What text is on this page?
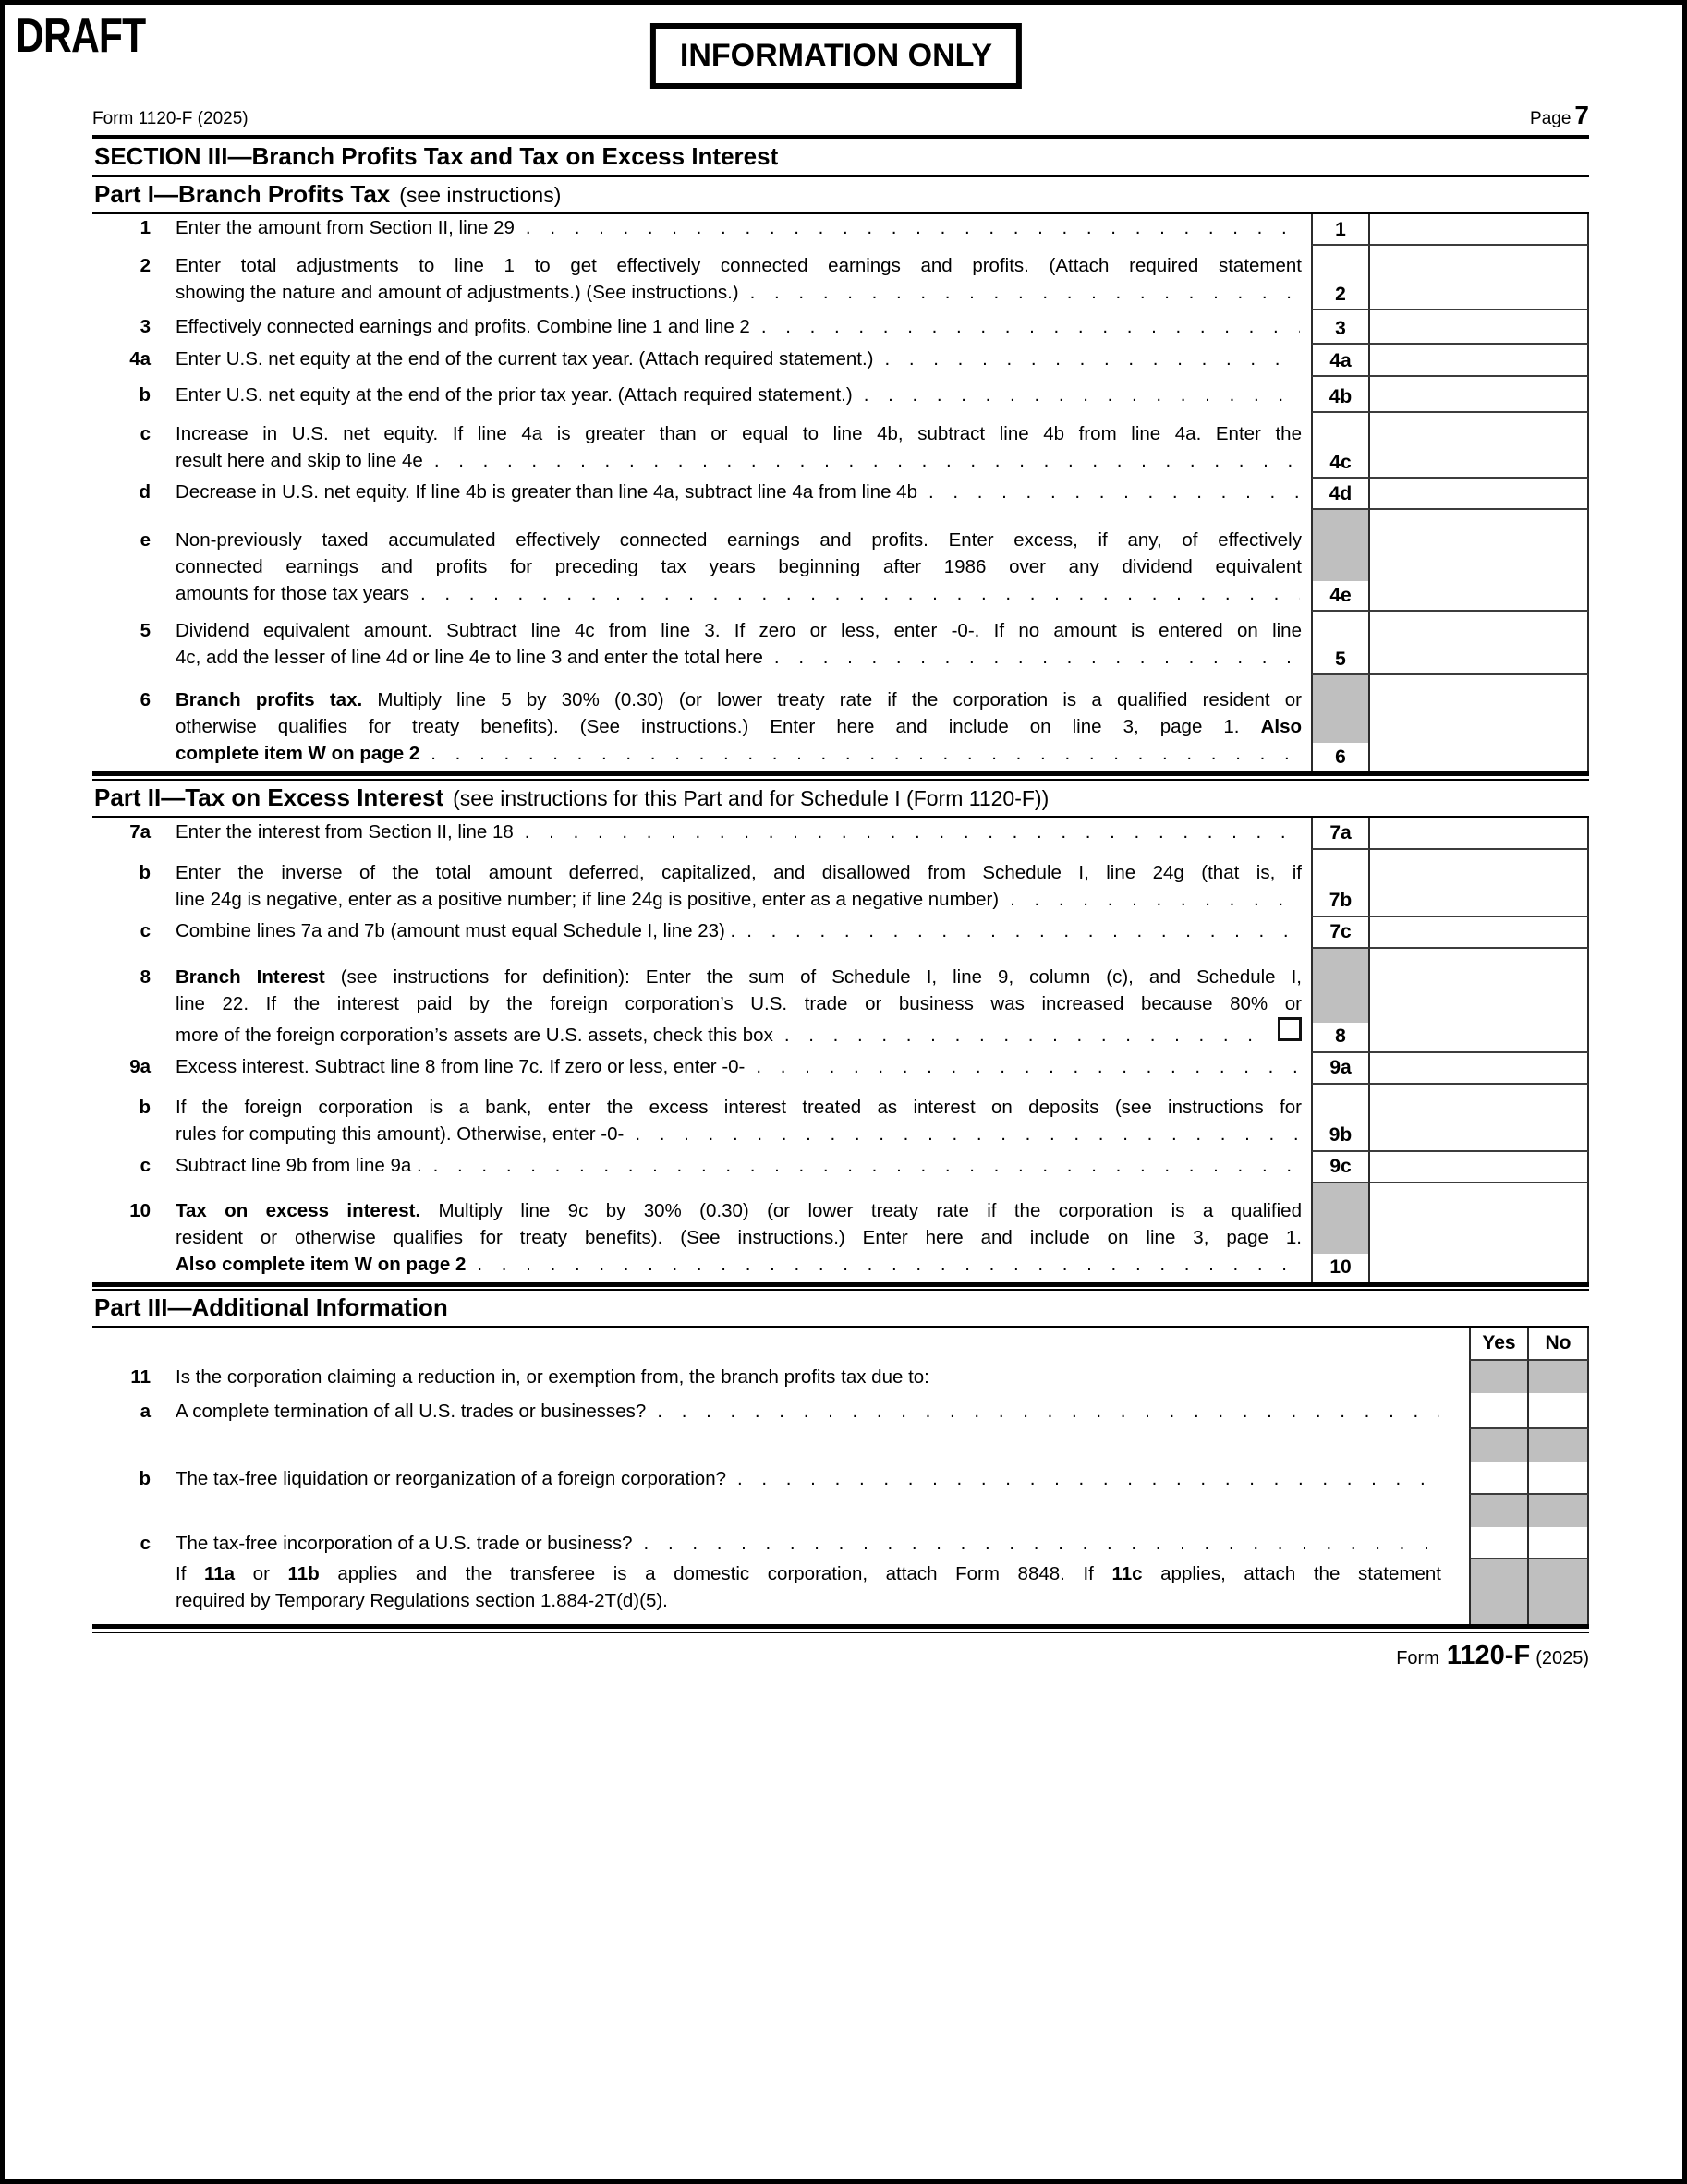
DRAFT	INFORMATION ONLY
Form 1120-F (2025)	Page 7
SECTION III—Branch Profits Tax and Tax on Excess Interest
Part I—Branch Profits Tax (see instructions)
1 Enter the amount from Section II, line 29 . . .	1
2 Enter total adjustments to line 1 to get effectively connected earnings and profits. (Attach required statement
showing the nature and amount of adjustments.) (See instructions.) . . .	2
3 Effectively connected earnings and profits. Combine line 1 and line 2 . . .	3
4a Enter U.S. net equity at the end of the current tax year. (Attach required statement.) . . .	4a
b Enter U.S. net equity at the end of the prior tax year. (Attach required statement.) . . .	4b
c Increase in U.S. net equity. If line 4a is greater than or equal to line 4b, subtract line 4b from line 4a. Enter the
result here and skip to line 4e . . .	4c
d Decrease in U.S. net equity. If line 4b is greater than line 4a, subtract line 4a from line 4b . . .	4d
e Non-previously taxed accumulated effectively connected earnings and profits. Enter excess, if any, of effectively
connected earnings and profits for preceding tax years beginning after 1986 over any dividend equivalent
amounts for those tax years . . .	4e
5 Dividend equivalent amount. Subtract line 4c from line 3. If zero or less, enter -0-. If no amount is entered on line
4c, add the lesser of line 4d or line 4e to line 3 and enter the total here . . .	5
6 Branch profits tax. Multiply line 5 by 30% (0.30) (or lower treaty rate if the corporation is a qualified resident or
otherwise qualifies for treaty benefits). (See instructions.) Enter here and include on line 3, page 1. Also
complete item W on page 2 . . .	6
Part II—Tax on Excess Interest (see instructions for this Part and for Schedule I (Form 1120-F))
7a Enter the interest from Section II, line 18 . . .	7a
b Enter the inverse of the total amount deferred, capitalized, and disallowed from Schedule I, line 24g (that is, if
line 24g is negative, enter as a positive number; if line 24g is positive, enter as a negative number) . . .	7b
c Combine lines 7a and 7b (amount must equal Schedule I, line 23) . . . .	7c
8 Branch Interest (see instructions for definition): Enter the sum of Schedule I, line 9, column (c), and Schedule I,
line 22. If the interest paid by the foreign corporation’s U.S. trade or business was increased because 80% or
more of the foreign corporation’s assets are U.S. assets, check this box . . .	8
9a Excess interest. Subtract line 8 from line 7c. If zero or less, enter -0- . . .	9a
b If the foreign corporation is a bank, enter the excess interest treated as interest on deposits (see instructions for
rules for computing this amount). Otherwise, enter -0- . . .	9b
c Subtract line 9b from line 9a . . . .	9c
10 Tax on excess interest. Multiply line 9c by 30% (0.30) (or lower treaty rate if the corporation is a qualified
resident or otherwise qualifies for treaty benefits). (See instructions.) Enter here and include on line 3, page 1.
Also complete item W on page 2 . . .	10
Part III—Additional Information
Yes	No
11 Is the corporation claiming a reduction in, or exemption from, the branch profits tax due to:
a A complete termination of all U.S. trades or businesses?
. . .
b The tax-free liquidation or reorganization of a foreign corporation?
. . .
c The tax-free incorporation of a U.S. trade or business?
. . .
If 11a or 11b applies and the transferee is a domestic corporation, attach Form 8848. If 11c applies, attach the statement
required by Temporary Regulations section 1.884-2T(d)(5).
Form 1120-F (2025)
